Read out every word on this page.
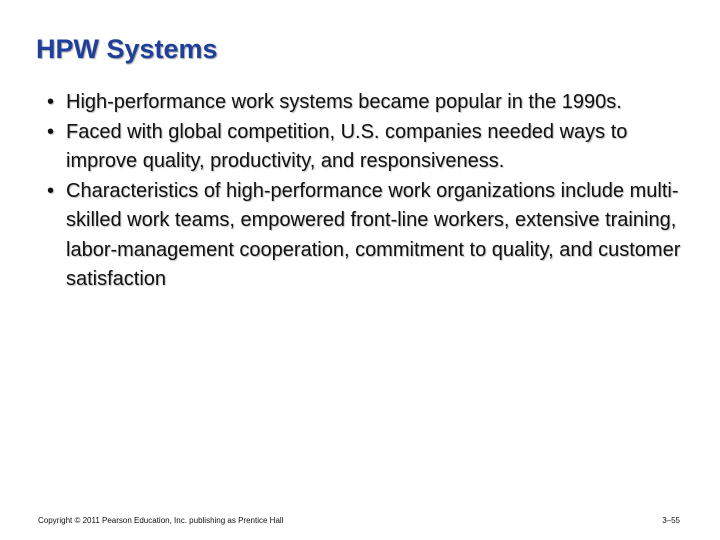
HPW Systems
• High-performance work systems became popular in the 1990s.
• Faced with global competition, U.S. companies needed ways to improve quality, productivity, and responsiveness.
• Characteristics of high-performance work organizations include multi-skilled work teams, empowered front-line workers, extensive training, labor-management cooperation, commitment to quality, and customer satisfaction
Copyright © 2011 Pearson Education, Inc. publishing as Prentice Hall	3–55
